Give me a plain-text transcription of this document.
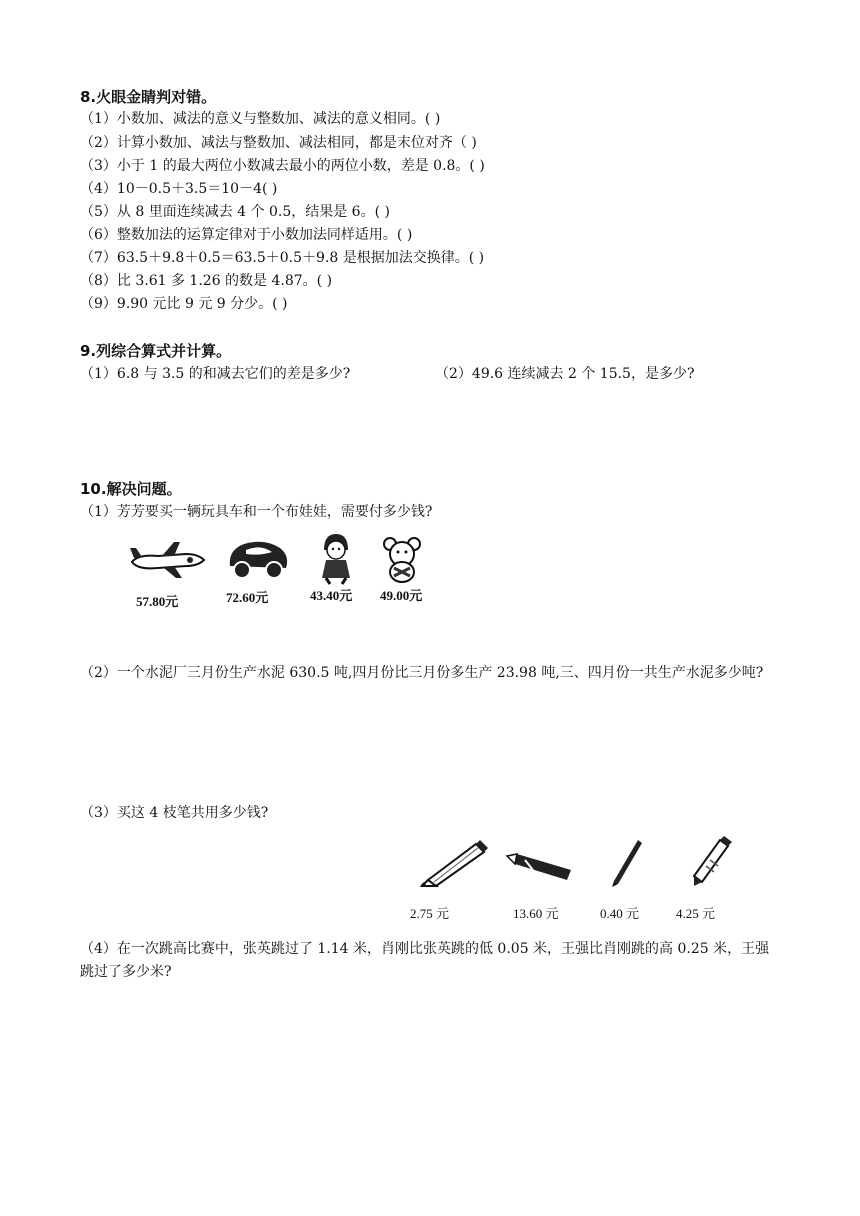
8.火眼金睛判对错。
（1）小数加、减法的意义与整数加、减法的意义相同。( )
（2）计算小数加、减法与整数加、减法相同，都是末位对齐（ )
（3）小于 1 的最大两位小数减去最小的两位小数，差是 0.8。( )
（4）10－0.5＋3.5＝10－4( )
（5）从 8 里面连续减去 4 个 0.5，结果是 6。( )
（6）整数加法的运算定律对于小数加法同样适用。( )
（7）63.5＋9.8＋0.5＝63.5＋0.5＋9.8 是根据加法交换律。( )
（8）比 3.61 多 1.26 的数是 4.87。( )
（9）9.90 元比 9 元 9 分少。( )
9.列综合算式并计算。
（1）6.8 与 3.5 的和减去它们的差是多少?	（2）49.6 连续减去 2 个 15.5，是多少?
10.解决问题。
（1）芳芳要买一辆玩具车和一个布娃娃，需要付多少钱?
57.80元	72.60元	43.40元 49.00元
（2）一个水泥厂三月份生产水泥 630.5 吨,四月份比三月份多生产 23.98 吨,三、四月份一共生产水泥多少吨?
（3）买这 4 枝笔共用多少钱?
2.75 元	13.60 元	0.40 元	4.25 元
（4）在一次跳高比赛中，张英跳过了 1.14 米，肖刚比张英跳的低 0.05 米，王强比肖刚跳的高 0.25 米，王强跳过了多少米?
